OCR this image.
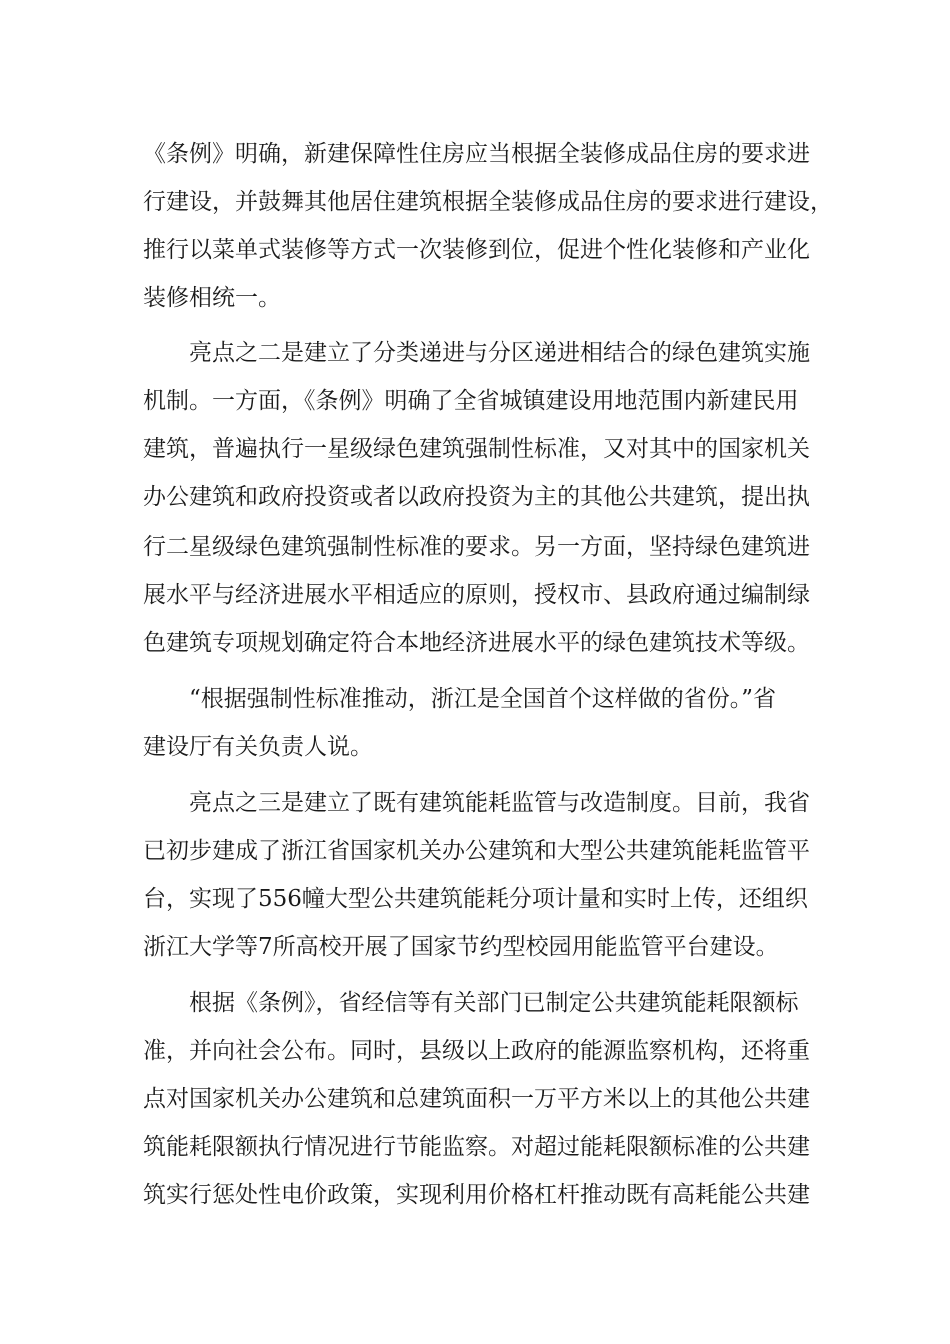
《条例》明确，新建保障性住房应当根据全装修成品住房的要求进
行建设，并鼓舞其他居住建筑根据全装修成品住房的要求进行建设，
推行以菜单式装修等方式一次装修到位，促进个性化装修和产业化
装修相统一。
亮点之二是建立了分类递进与分区递进相结合的绿色建筑实施
机制。一方面，《条例》明确了全省城镇建设用地范围内新建民用
建筑，普遍执行一星级绿色建筑强制性标准，又对其中的国家机关
办公建筑和政府投资或者以政府投资为主的其他公共建筑，提出执
行二星级绿色建筑强制性标准的要求。另一方面，坚持绿色建筑进
展水平与经济进展水平相适应的原则，授权市、县政府通过编制绿
色建筑专项规划确定符合本地经济进展水平的绿色建筑技术等级。
“根据强制性标准推动，浙江是全国首个这样做的省份。”省
建设厅有关负责人说。
亮点之三是建立了既有建筑能耗监管与改造制度。目前，我省
已初步建成了浙江省国家机关办公建筑和大型公共建筑能耗监管平
台，实现了556幢大型公共建筑能耗分项计量和实时上传，还组织
浙江大学等7所高校开展了国家节约型校园用能监管平台建设。
根据《条例》，省经信等有关部门已制定公共建筑能耗限额标
准，并向社会公布。同时，县级以上政府的能源监察机构，还将重
点对国家机关办公建筑和总建筑面积一万平方米以上的其他公共建
筑能耗限额执行情况进行节能监察。对超过能耗限额标准的公共建
筑实行惩处性电价政策，实现利用价格杠杆推动既有高耗能公共建
